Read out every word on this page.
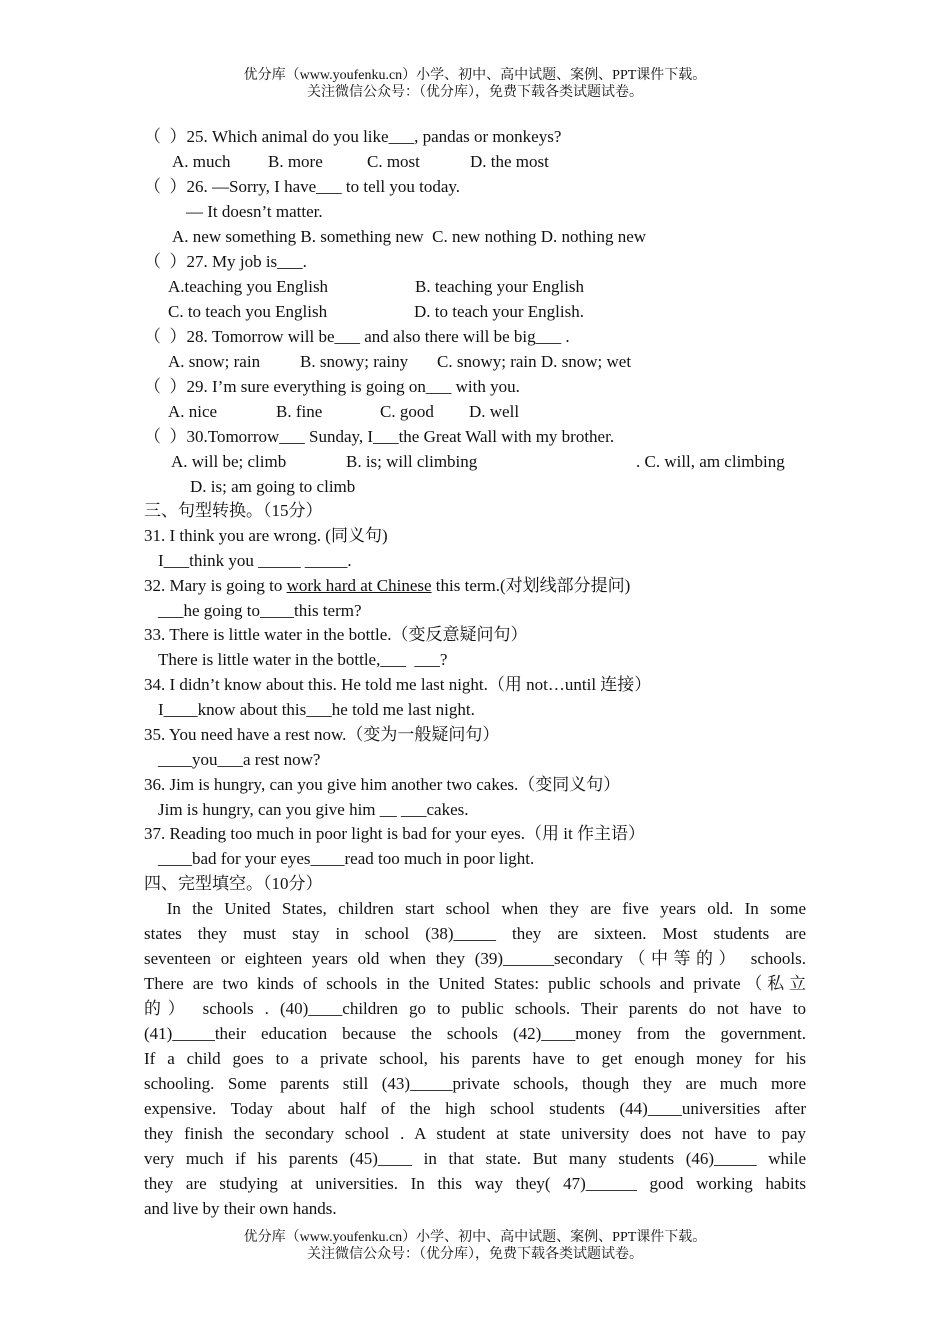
优分库（www.youfenku.cn）小学、初中、高中试题、案例、PPT课件下载。
关注微信公众号：（优分库），免费下载各类试题试卷。
（  ）25. Which animal do you like___, pandas or monkeys?

A. much

B. more

	C. most

	D. the most

（  ）26. —Sorry, I have___ to tell you today.
— It doesn’t matter.
A. new something B. something new  C. new nothing D. nothing new
（  ）27. My job is___.

A.teaching you English

	B. teaching your English

C. to teach you English

	D. to teach your English.

（  ）28. Tomorrow will be___ and also there will be big___ .

A. snow; rain

B. snowy; rainy

C. snowy; rain D. snow; wet

（  ）29. I’m sure everything is going on___ with you.

A. nice

	B. fine

	C. good

D. well

（  ）30.Tomorrow___ Sunday, I___the Great Wall with my brother.

A. will be; climb

	B. is; will climbing

	. C. will, am climbing

D. is; am going to climb
三、句型转换。（15分）
31. I think you are wrong. (同义句)
I___think you _____ _____.
32. Mary is going to work hard at Chinese this term.(对划线部分提问)
___he going to____this term?
33. There is little water in the bottle.（变反意疑问句）
There is little water in the bottle,___  ___?
34. I didn’t know about this. He told me last night.（用 not…until 连接）
I____know about this___he told me last night.
35. You need have a rest now.（变为一般疑问句）
____you___a rest now?
36. Jim is hungry, can you give him another two cakes.（变同义句）
Jim is hungry, can you give him __ ___cakes.
37. Reading too much in poor light is bad for your eyes.（用 it 作主语）
____bad for your eyes____read too much in poor light.
四、完型填空。（10分）
In the United States, children start school when they are five years old. In some
states they must stay in school (38)_____ they are sixteen. Most students are
seventeen or eighteen years old when they (39)______secondary（中等的） schools.
There are two kinds of schools in the United States: public schools and private（私立
的） schools . (40)____children go to public schools. Their parents do not have to
(41)_____their education because the schools (42)____money from the government.
If a child goes to a private school, his parents have to get enough money for his
schooling. Some parents still (43)_____private schools, though they are much more
expensive. Today about half of the high school students (44)____universities after
they finish the secondary school . A student at state university does not have to pay
very much if his parents (45)____ in that state. But many students (46)_____ while
they are studying at universities. In this way they( 47)______ good working habits
and live by their own hands.
优分库（www.youfenku.cn）小学、初中、高中试题、案例、PPT课件下载。
关注微信公众号：（优分库），免费下载各类试题试卷。
